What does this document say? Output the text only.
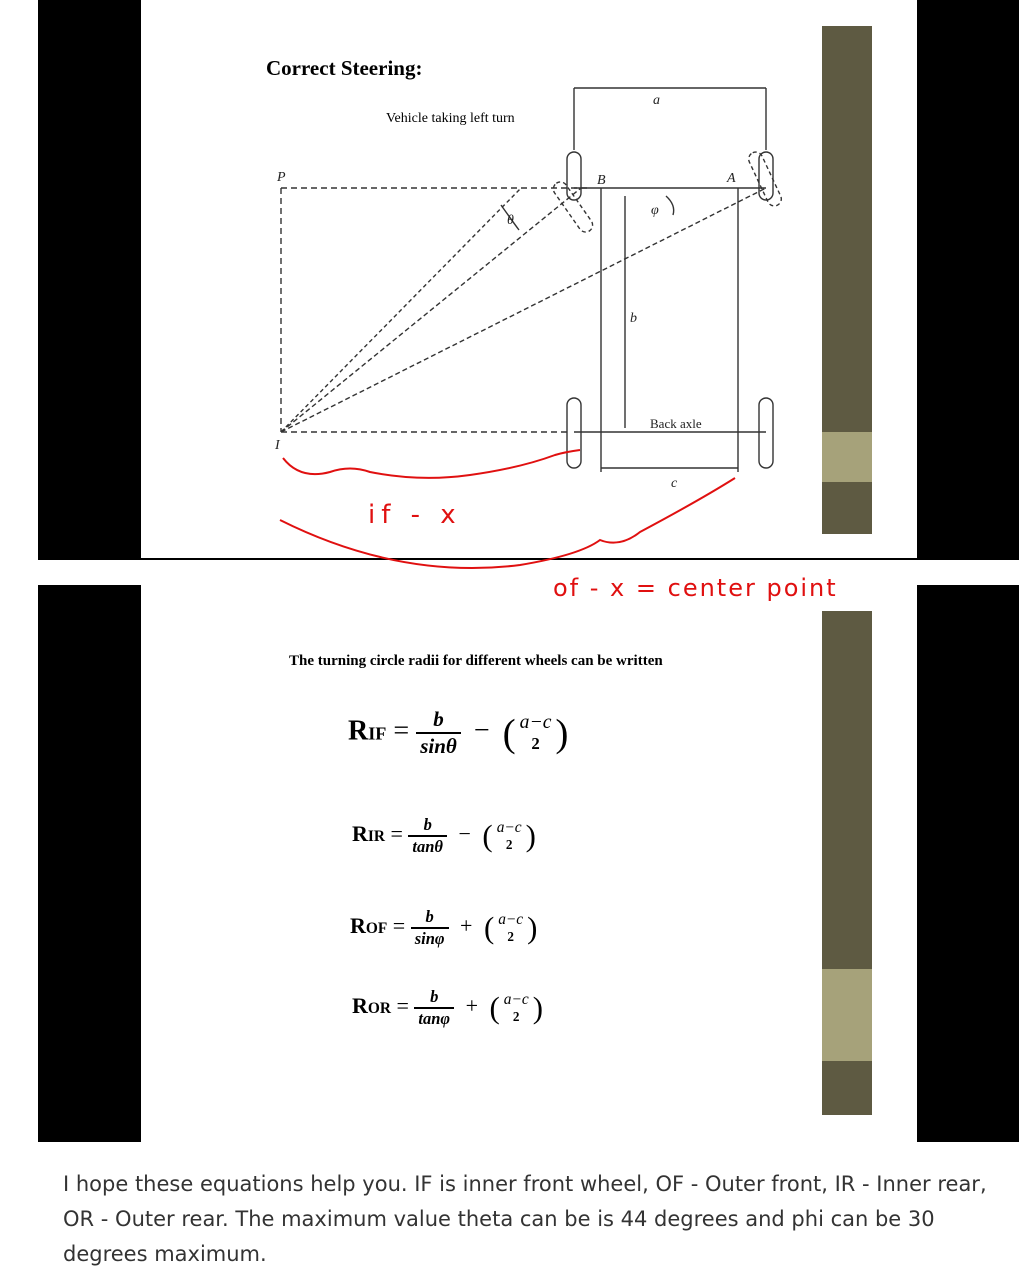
Correct Steering:
Vehicle taking left turn
P
I
B	A
θ
φ
a
b
c
Back axle
The turning circle radii for different wheels can be written
RIF = $\frac{b}{\sin\theta}$ − ( a−c
2 )
RIR = $\frac{b}{\tan\theta}$ − ( a−c
2 )
ROF = $\frac{b}{\sin\varphi}$ + ( a−c
2 )
ROR = $\frac{b}{\tan\varphi}$ + ( a−c
2 )
if - x
of - x = center point
I hope these equations help you. IF is inner front wheel, OF - Outer front, IR - Inner rear, OR - Outer rear. The maximum value theta can be is 44 degrees and phi can be 30 degrees maximum.
